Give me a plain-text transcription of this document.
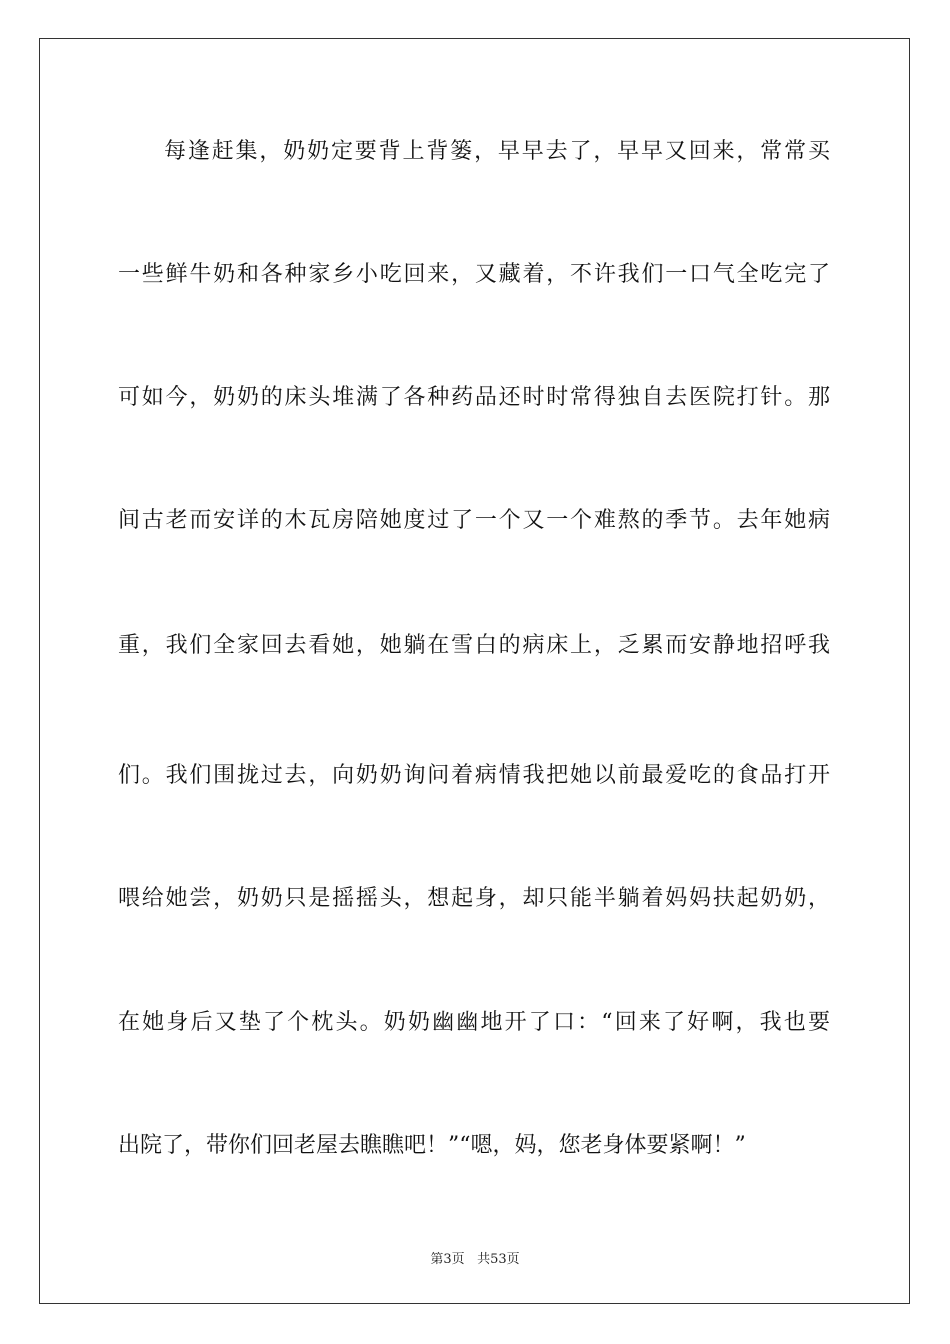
每逢赶集，奶奶定要背上背篓，早早去了，早早又回来，常常买
一些鲜牛奶和各种家乡小吃回来，又藏着，不许我们一口气全吃完了
可如今，奶奶的床头堆满了各种药品还时时常得独自去医院打针。那
间古老而安详的木瓦房陪她度过了一个又一个难熬的季节。去年她病
重，我们全家回去看她，她躺在雪白的病床上，乏累而安静地招呼我
们。我们围拢过去，向奶奶询问着病情我把她以前最爱吃的食品打开
喂给她尝，奶奶只是摇摇头，想起身，却只能半躺着妈妈扶起奶奶，
在她身后又垫了个枕头。奶奶幽幽地开了口：“回来了好啊，我也要
出院了，带你们回老屋去瞧瞧吧！”“嗯，妈，您老身体要紧啊！”
第3页 共53页
